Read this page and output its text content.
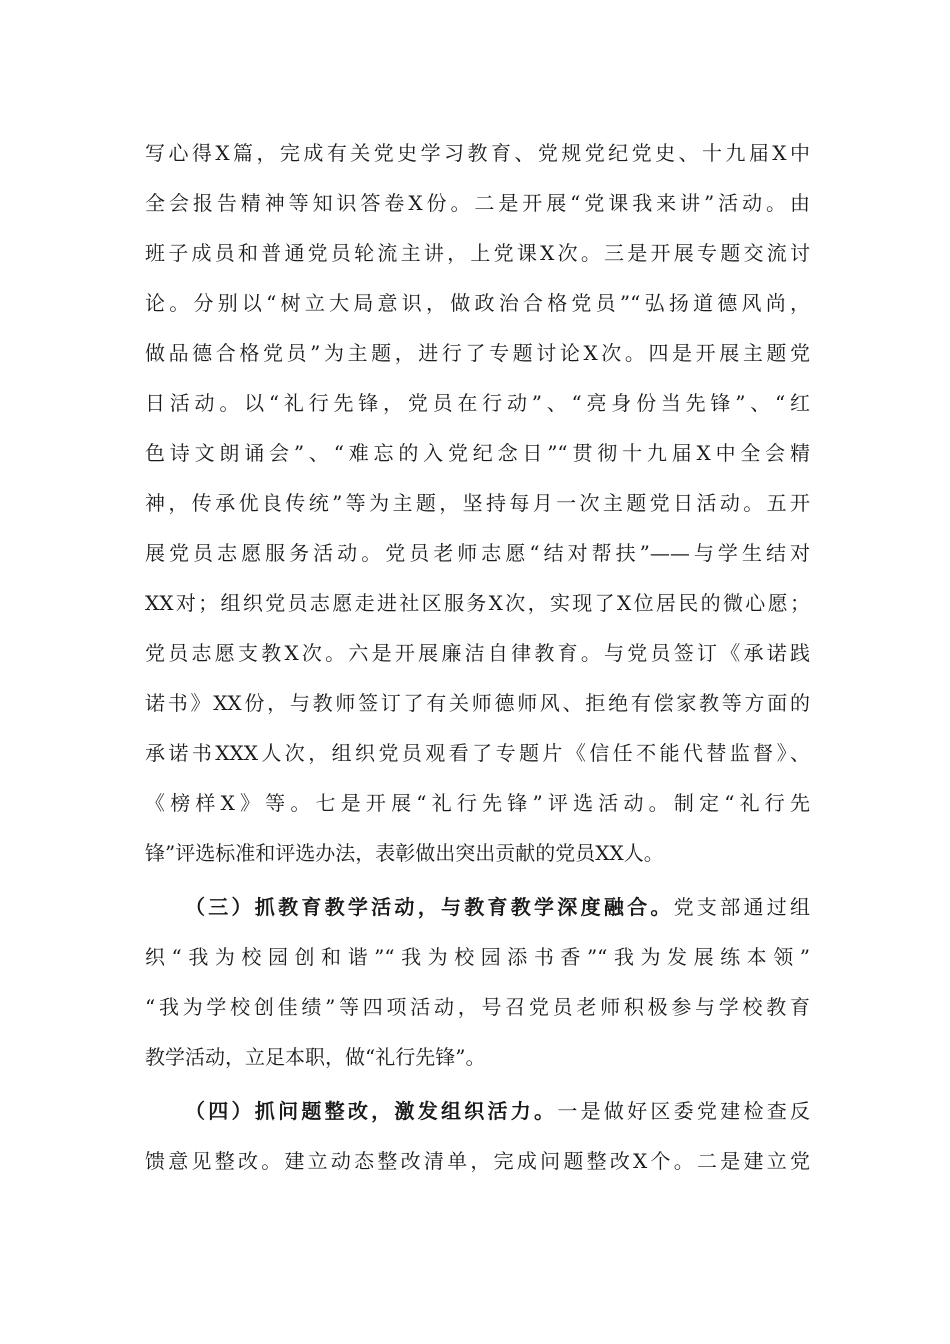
写心得X篇，完成有关党史学习教育、党规党纪党史、十九届X中
全会报告精神等知识答卷X份。二是开展“党课我来讲”活动。由
班子成员和普通党员轮流主讲，上党课X次。三是开展专题交流讨
论。分别以“树立大局意识，做政治合格党员”“弘扬道德风尚，
做品德合格党员”为主题，进行了专题讨论X次。四是开展主题党
日活动。以“礼行先锋，党员在行动”、“亮身份当先锋”、“红
色诗文朗诵会”、“难忘的入党纪念日”“贯彻十九届X中全会精
神，传承优良传统”等为主题，坚持每月一次主题党日活动。五开
展党员志愿服务活动。党员老师志愿“结对帮扶”——与学生结对
XX对；组织党员志愿走进社区服务X次，实现了X位居民的微心愿；
党员志愿支教X次。六是开展廉洁自律教育。与党员签订《承诺践
诺书》XX份，与教师签订了有关师德师风、拒绝有偿家教等方面的
承诺书XXX人次，组织党员观看了专题片《信任不能代替监督》、
《榜样X》等。七是开展“礼行先锋”评选活动。制定“礼行先
锋”评选标准和评选办法，表彰做出突出贡献的党员XX人。
（三）抓教育教学活动，与教育教学深度融合。党支部通过组
织“我为校园创和谐”“我为校园添书香”“我为发展练本领”
“我为学校创佳绩”等四项活动，号召党员老师积极参与学校教育
教学活动，立足本职，做“礼行先锋”。
（四）抓问题整改，激发组织活力。一是做好区委党建检查反
馈意见整改。建立动态整改清单，完成问题整改X个。二是建立党
